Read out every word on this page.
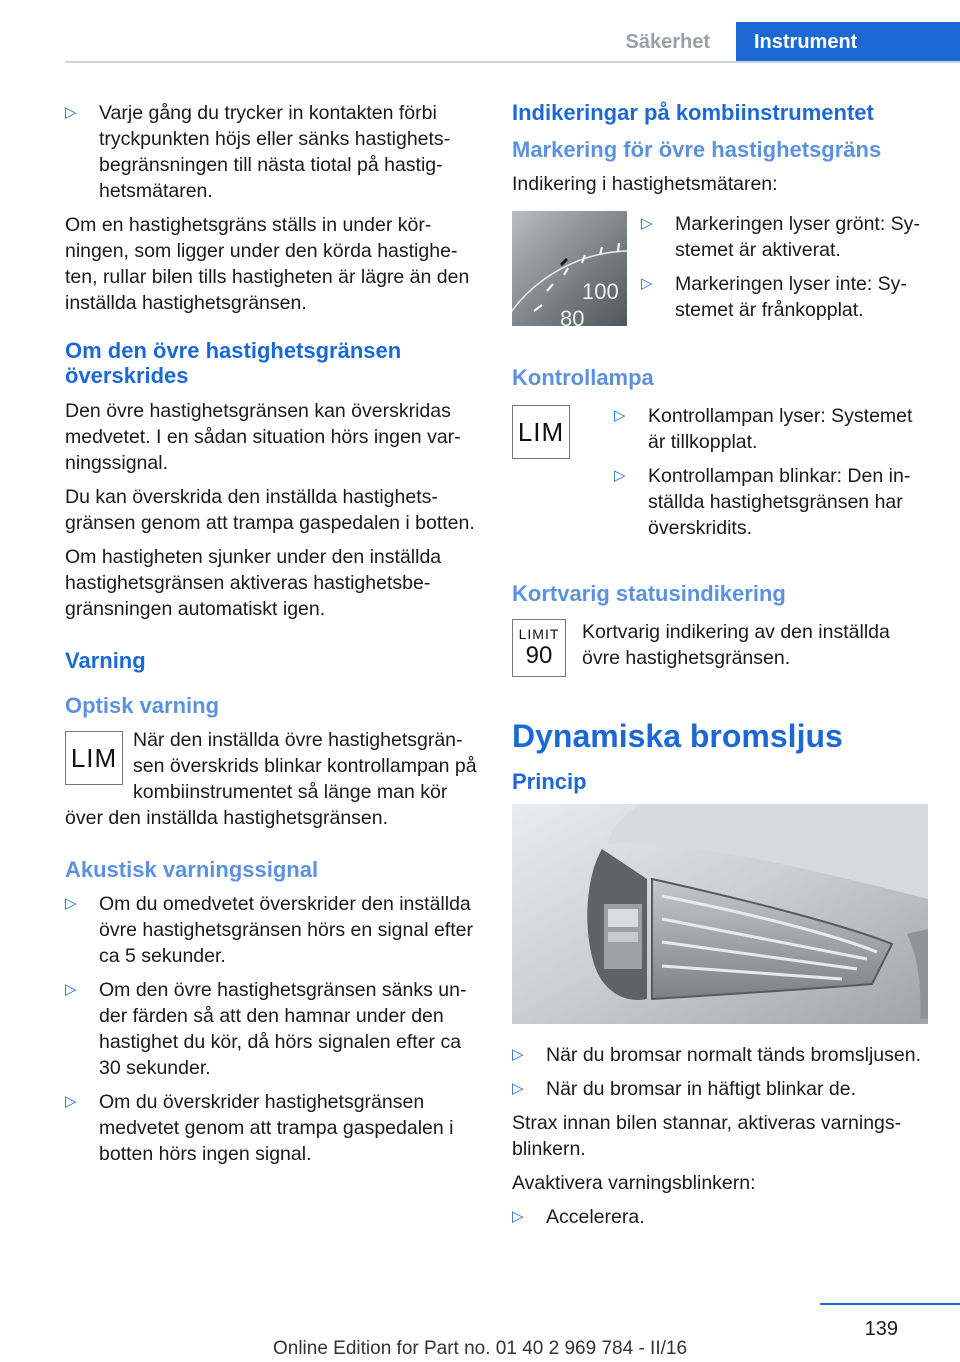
Säkerhet	Instrument
▷ Varje gång du trycker in kontakten förbi tryckpunkten höjs eller sänks hastighetsbegränsningen till nästa tiotal på hastighetsmätaren.

Om en hastighetsgräns ställs in under körningen, som ligger under den körda hastigheten, rullar bilen tills hastigheten är lägre än den inställda hastighetsgränsen.

Om den övre hastighetsgränsen överskrides

Den övre hastighetsgränsen kan överskridas medvetet. I en sådan situation hörs ingen varningssignal.

Du kan överskrida den inställda hastighetsgränsen genom att trampa gaspedalen i botten.

Om hastigheten sjunker under den inställda hastighetsgränsen aktiveras hastighetsbegränsningen automatiskt igen.

Varning
Optisk varning
LIM

När den inställda övre hastighetsgränsen överskrids blinkar kontrollampan på kombiinstrumentet så länge man kör över den inställda hastighetsgränsen.

Akustisk varningssignal
▷ Om du omedvetet överskrider den inställda övre hastighetsgränsen hörs en signal efter ca 5 sekunder.
▷ Om den övre hastighetsgränsen sänks under färden så att den hamnar under den hastighet du kör, då hörs signalen efter ca 30 sekunder.
▷ Om du överskrider hastighetsgränsen medvetet genom att trampa gaspedalen i botten hörs ingen signal.
Indikeringar på kombiinstrumentet
Markering för övre hastighetsgräns

Indikering i hastighetsmätaren:

100
80
▷ Markeringen lyser grönt: Systemet är aktiverat.
▷ Markeringen lyser inte: Systemet är frånkopplat.
Kontrollampa
LIM
▷ Kontrollampan lyser: Systemet är tillkopplat.
▷ Kontrollampan blinkar: Den inställda hastighetsgränsen har överskridits.
Kortvarig statusindikering
LIMIT
90

Kortvarig indikering av den inställda övre hastighetsgränsen.

Dynamiska bromsljus
Princip
▷ När du bromsar normalt tänds bromsljusen.
▷ När du bromsar in häftigt blinkar de.

Strax innan bilen stannar, aktiveras varningsblinkern.

Avaktivera varningsblinkern:

▷ Accelerera.
139
Online Edition for Part no. 01 40 2 969 784 - II/16
